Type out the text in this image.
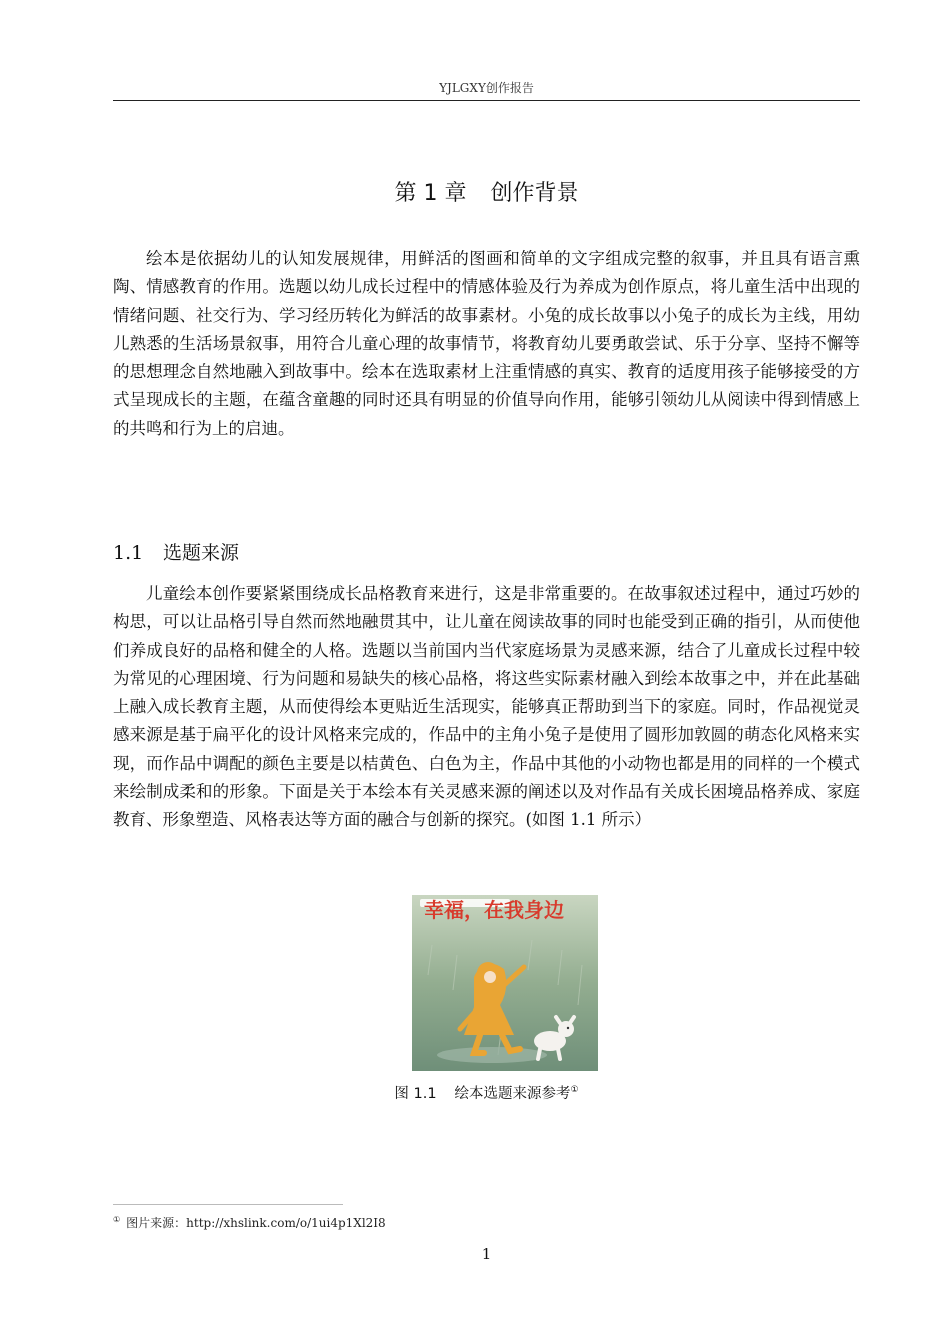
YJLGXY创作报告
第 1 章 创作背景

绘本是依据幼儿的认知发展规律，用鲜活的图画和简单的文字组成完整的叙事，并且具有语言熏陶、情感教育的作用。选题以幼儿成长过程中的情感体验及行为养成为创作原点，将儿童生活中出现的情绪问题、社交行为、学习经历转化为鲜活的故事素材。小兔的成长故事以小兔子的成长为主线，用幼儿熟悉的生活场景叙事，用符合儿童心理的故事情节，将教育幼儿要勇敢尝试、乐于分享、坚持不懈等的思想理念自然地融入到故事中。绘本在选取素材上注重情感的真实、教育的适度用孩子能够接受的方式呈现成长的主题，在蕴含童趣的同时还具有明显的价值导向作用，能够引领幼儿从阅读中得到情感上的共鸣和行为上的启迪。

1.1 选题来源

儿童绘本创作要紧紧围绕成长品格教育来进行，这是非常重要的。在故事叙述过程中，通过巧妙的构思，可以让品格引导自然而然地融贯其中，让儿童在阅读故事的同时也能受到正确的指引，从而使他们养成良好的品格和健全的人格。选题以当前国内当代家庭场景为灵感来源，结合了儿童成长过程中较为常见的心理困境、行为问题和易缺失的核心品格，将这些实际素材融入到绘本故事之中，并在此基础上融入成长教育主题，从而使得绘本更贴近生活现实，能够真正帮助到当下的家庭。同时，作品视觉灵感来源是基于扁平化的设计风格来完成的，作品中的主角小兔子是使用了圆形加敦圆的萌态化风格来实现，而作品中调配的颜色主要是以桔黄色、白色为主，作品中其他的小动物也都是用的同样的一个模式来绘制成柔和的形象。下面是关于本绘本有关灵感来源的阐述以及对作品有关成长困境品格养成、家庭教育、形象塑造、风格表达等方面的融合与创新的探究。(如图 1.1 所示）

幸福，在我身边
图 1.1 绘本选题来源参考①
① 图片来源：http://xhslink.com/o/1ui4p1Xl2I8
1
